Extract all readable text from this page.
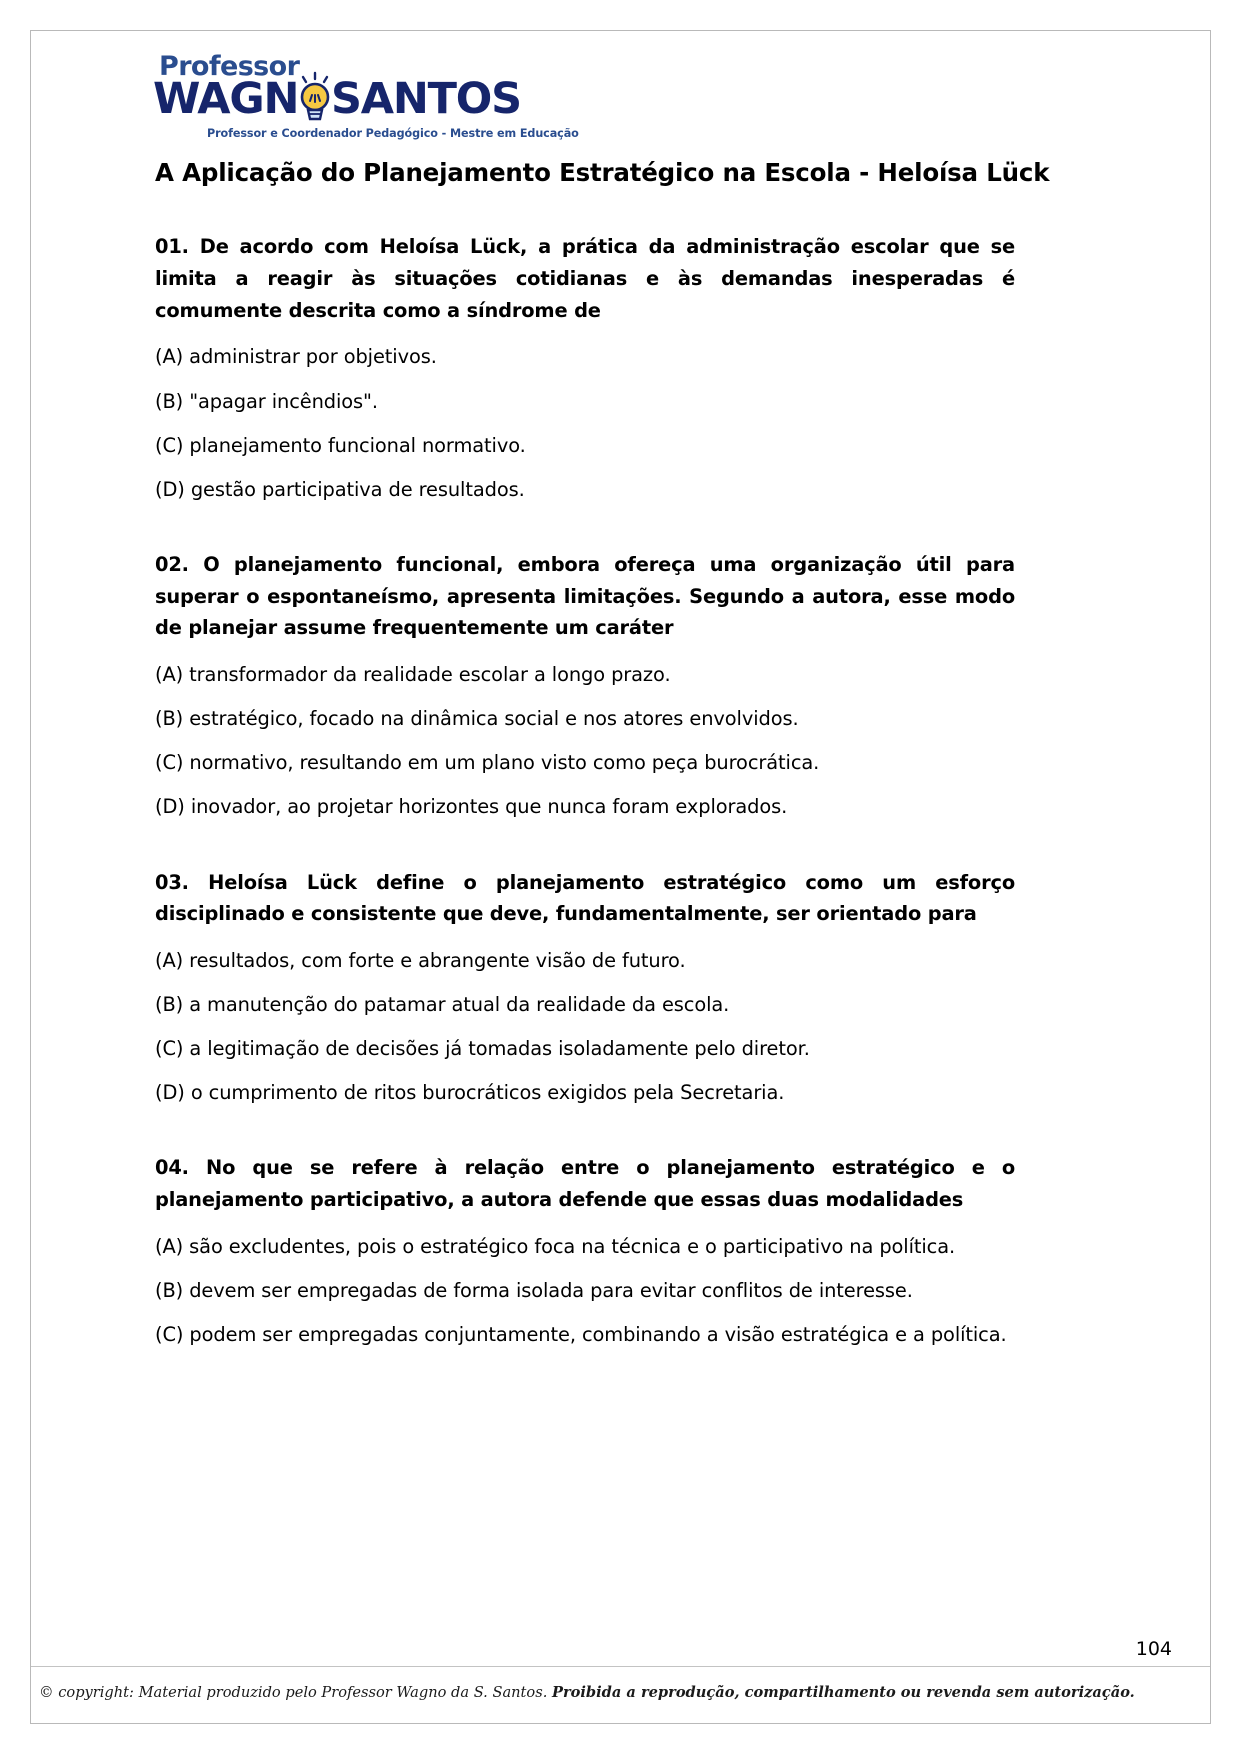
Professor
WAGN SANTOS
Professor e Coordenador Pedagógico - Mestre em Educação
A Aplicação do Planejamento Estratégico na Escola - Heloísa Lück
01. De acordo com Heloísa Lück, a prática da administração escolar que se limita a reagir às situações cotidianas e às demandas inesperadas é comumente descrita como a síndrome de
(A) administrar por objetivos.
(B) "apagar incêndios".
(C) planejamento funcional normativo.
(D) gestão participativa de resultados.
02. O planejamento funcional, embora ofereça uma organização útil para superar o espontaneísmo, apresenta limitações. Segundo a autora, esse modo de planejar assume frequentemente um caráter
(A) transformador da realidade escolar a longo prazo.
(B) estratégico, focado na dinâmica social e nos atores envolvidos.
(C) normativo, resultando em um plano visto como peça burocrática.
(D) inovador, ao projetar horizontes que nunca foram explorados.
03. Heloísa Lück define o planejamento estratégico como um esforço disciplinado e consistente que deve, fundamentalmente, ser orientado para
(A) resultados, com forte e abrangente visão de futuro.
(B) a manutenção do patamar atual da realidade da escola.
(C) a legitimação de decisões já tomadas isoladamente pelo diretor.
(D) o cumprimento de ritos burocráticos exigidos pela Secretaria.
04. No que se refere à relação entre o planejamento estratégico e o planejamento participativo, a autora defende que essas duas modalidades
(A) são excludentes, pois o estratégico foca na técnica e o participativo na política.
(B) devem ser empregadas de forma isolada para evitar conflitos de interesse.
(C) podem ser empregadas conjuntamente, combinando a visão estratégica e a política.
104
© copyright: Material produzido pelo Professor Wagno da S. Santos. Proibida a reprodução, compartilhamento ou revenda sem autorização.
